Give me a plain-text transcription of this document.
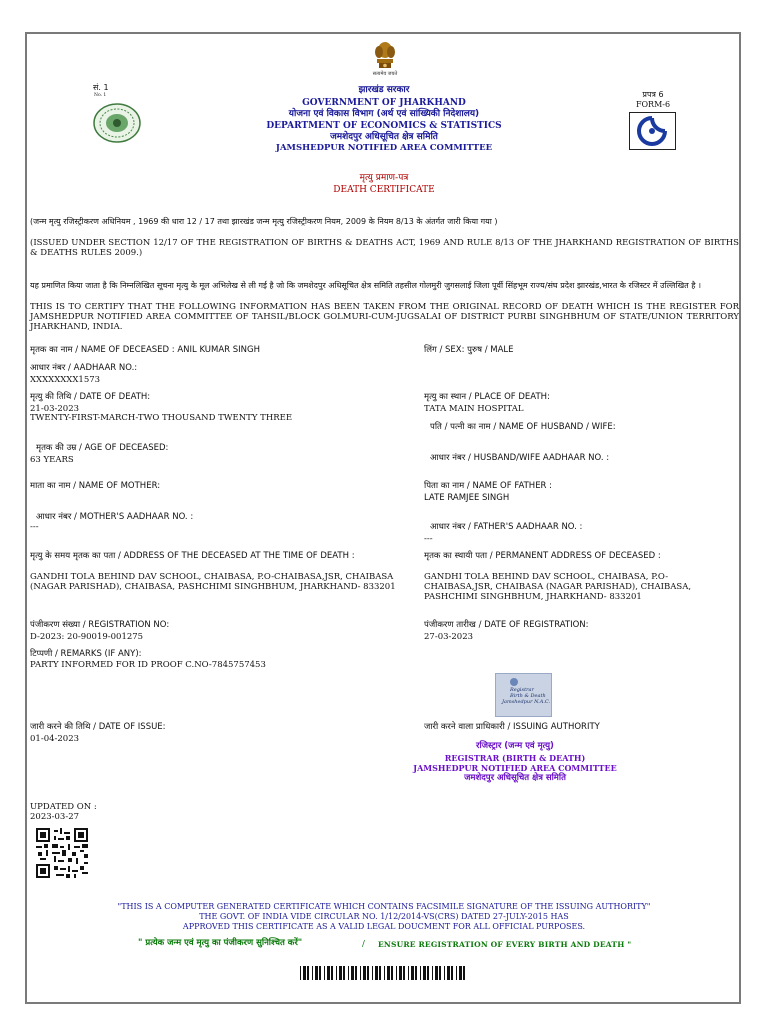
सत्यमेव जयते
सं. 1
No. 1	प्रपत्र 6
FORM-6
झारखंड सरकार
GOVERNMENT OF JHARKHAND
योजना एवं विकास विभाग (अर्थ एवं सांख्यिकी निदेशालय)
DEPARTMENT OF ECONOMICS & STATISTICS
जमशेदपुर अधिसूचित क्षेत्र समिति
JAMSHEDPUR NOTIFIED AREA COMMITTEE
मृत्यु प्रमाण-पत्र
DEATH CERTIFICATE
(जन्म मृत्यु रजिस्ट्रीकरण अधिनियम , 1969 की धारा 12 / 17 तथा झारखंड जन्म मृत्यु रजिस्ट्रीकरण नियम, 2009 के नियम 8/13 के अंतर्गत जारी किया गया )
(ISSUED UNDER SECTION 12/17 OF THE REGISTRATION OF BIRTHS & DEATHS ACT, 1969 AND RULE 8/13 OF THE JHARKHAND REGISTRATION OF BIRTHS & DEATHS RULES 2009.)
यह प्रमाणित किया जाता है कि निम्नलिखित सूचना मृत्यु के मूल अभिलेख से ली गई है जो कि जमशेदपुर अधिसूचित क्षेत्र समिति तहसील गोलमुरी जुगसलाई जिला पूर्वी सिंहभूम राज्य/संघ प्रदेश झारखंड,भारत के रजिस्टर में उल्लिखित है ।
THIS IS TO CERTIFY THAT THE FOLLOWING INFORMATION HAS BEEN TAKEN FROM THE ORIGINAL RECORD OF DEATH WHICH IS THE REGISTER FOR JAMSHEDPUR NOTIFIED AREA COMMITTEE OF TAHSIL/BLOCK GOLMURI-CUM-JUGSALAI OF DISTRICT PURBI SINGHBHUM OF STATE/UNION TERRITORY JHARKHAND, INDIA.
मृतक का नाम / NAME OF DECEASED : ANIL KUMAR SINGH	लिंग / SEX: पुरुष / MALE
आधार नंबर / AADHAAR NO.:
XXXXXXXX1573
मृत्यु की तिथि / DATE OF DEATH:
21-03-2023
TWENTY-FIRST-MARCH-TWO THOUSAND TWENTY THREE
मृत्यु का स्थान / PLACE OF DEATH:
TATA MAIN HOSPITAL
पति / पत्नी का नाम / NAME OF HUSBAND / WIFE:
मृतक की उम्र / AGE OF DECEASED:
63 YEARS	आधार नंबर / HUSBAND/WIFE AADHAAR NO. :
माता का नाम / NAME OF MOTHER:	पिता का नाम / NAME OF FATHER :
LATE RAMJEE SINGH
आधार नंबर / MOTHER'S AADHAAR NO. :
---	आधार नंबर / FATHER'S AADHAAR NO. :
---
मृत्यु के समय मृतक का पता / ADDRESS OF THE DECEASED AT THE TIME OF DEATH :
GANDHI TOLA BEHIND DAV SCHOOL, CHAIBASA, P.O-CHAIBASA,JSR, CHAIBASA (NAGAR PARISHAD), CHAIBASA, PASHCHIMI SINGHBHUM, JHARKHAND- 833201
मृतक का स्थायी पता / PERMANENT ADDRESS OF DECEASED :
GANDHI TOLA BEHIND DAV SCHOOL, CHAIBASA, P.O-CHAIBASA,JSR, CHAIBASA (NAGAR PARISHAD), CHAIBASA, PASHCHIMI SINGHBHUM, JHARKHAND- 833201
पंजीकरण संख्या / REGISTRATION NO:
D-2023: 20-90019-001275
पंजीकरण तारीख / DATE OF REGISTRATION:
27-03-2023
टिप्पणी / REMARKS (IF ANY):
PARTY INFORMED FOR ID PROOF C.NO-7845757453
Registrar
Birth & Death
Jamshedpur N.A.C.
जारी करने की तिथि / DATE OF ISSUE:
01-04-2023
जारी करने वाला प्राधिकारी / ISSUING AUTHORITY
रजिस्ट्रार (जन्म एवं मृत्यु)
REGISTRAR (BIRTH & DEATH)
JAMSHEDPUR NOTIFIED AREA COMMITTEE
जमशेदपुर अधिसूचित क्षेत्र समिति
UPDATED ON :
2023-03-27
"THIS IS A COMPUTER GENERATED CERTIFICATE WHICH CONTAINS FACSIMILE SIGNATURE OF THE ISSUING AUTHORITY"
THE GOVT. OF INDIA VIDE CIRCULAR NO. 1/12/2014-VS(CRS) DATED 27-JULY-2015 HAS
APPROVED THIS CERTIFICATE AS A VALID LEGAL DOUCMENT FOR ALL OFFICIAL PURPOSES.
" प्रत्येक जन्म एवं मृत्यु का पंजीकरण सुनिश्चित करें"	/ ENSURE REGISTRATION OF EVERY BIRTH AND DEATH "
